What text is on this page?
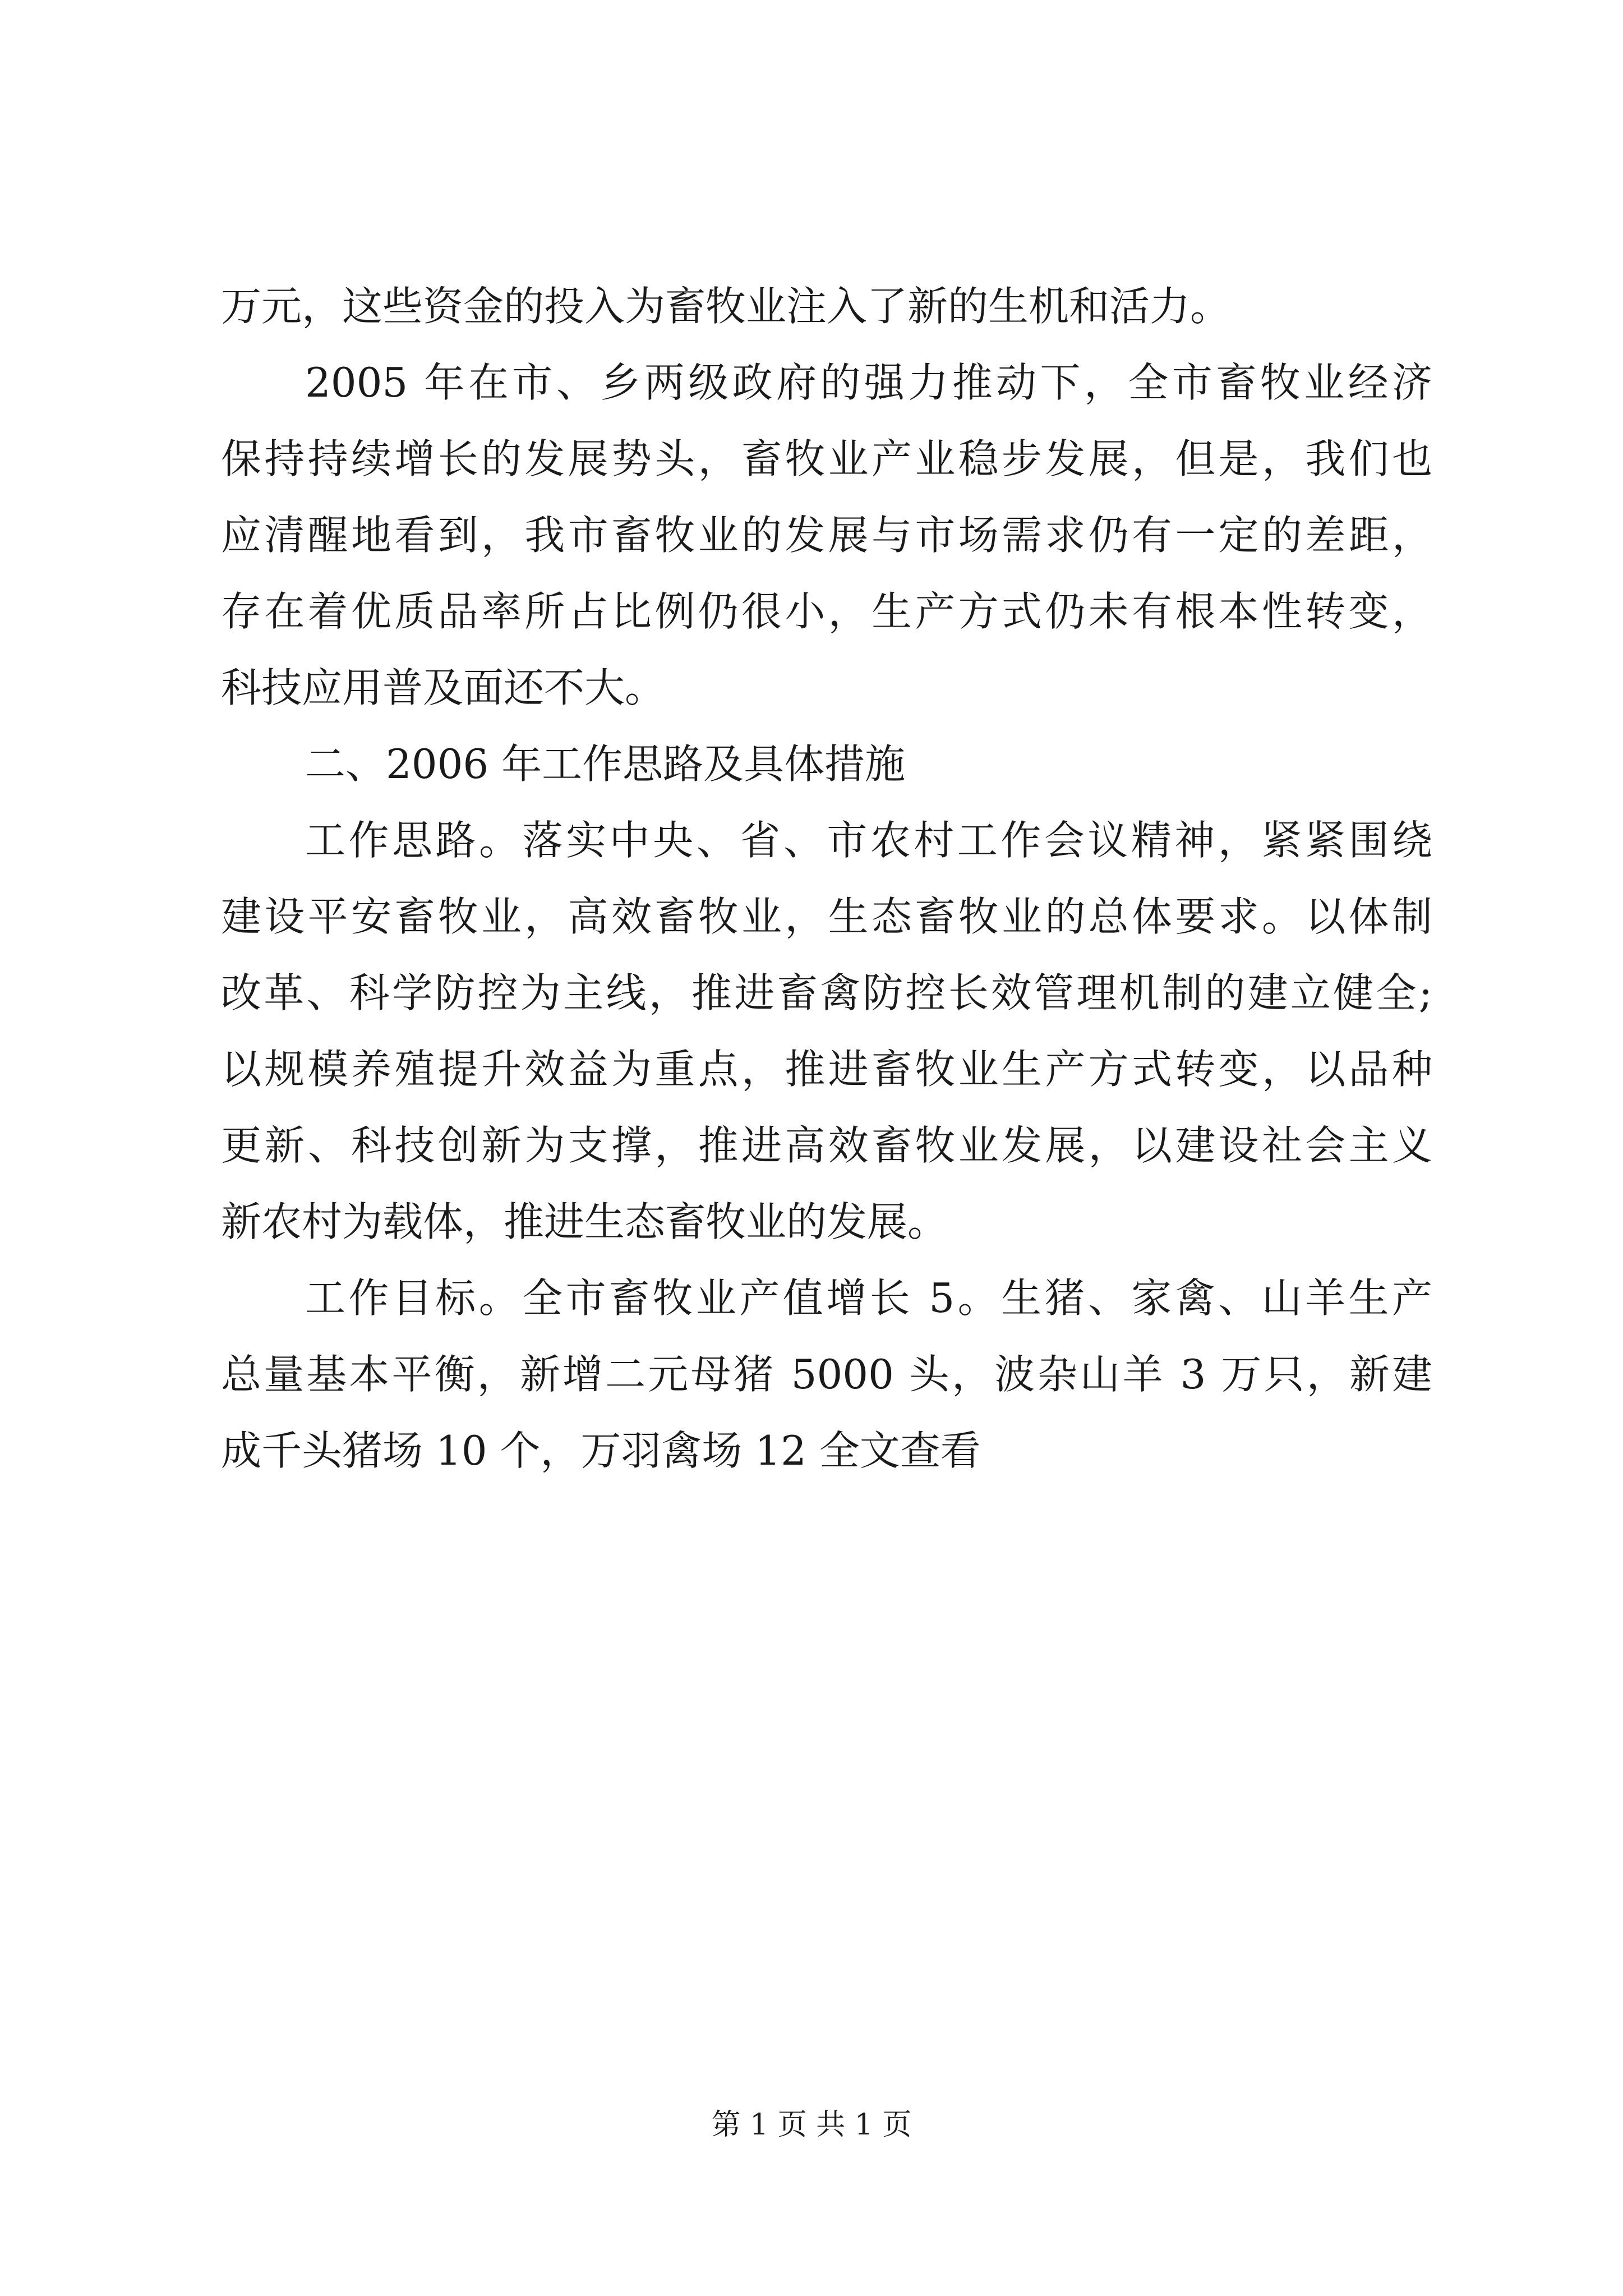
万元，这些资金的投入为畜牧业注入了新的生机和活力。
2005 年在市、乡两级政府的强力推动下，全市畜牧业经济
保持持续增长的发展势头，畜牧业产业稳步发展，但是，我们也
应清醒地看到，我市畜牧业的发展与市场需求仍有一定的差距，
存在着优质品率所占比例仍很小，生产方式仍未有根本性转变，
科技应用普及面还不大。
二、2006 年工作思路及具体措施
工作思路。落实中央、省、市农村工作会议精神，紧紧围绕
建设平安畜牧业，高效畜牧业，生态畜牧业的总体要求。以体制
改革、科学防控为主线，推进畜禽防控长效管理机制的建立健全;
以规模养殖提升效益为重点，推进畜牧业生产方式转变，以品种
更新、科技创新为支撑，推进高效畜牧业发展，以建设社会主义
新农村为载体，推进生态畜牧业的发展。
工作目标。全市畜牧业产值增长 5。生猪、家禽、山羊生产
总量基本平衡，新增二元母猪 5000 头，波杂山羊 3 万只，新建
成千头猪场 10 个，万羽禽场 12 全文查看
第 1 页 共 1 页
